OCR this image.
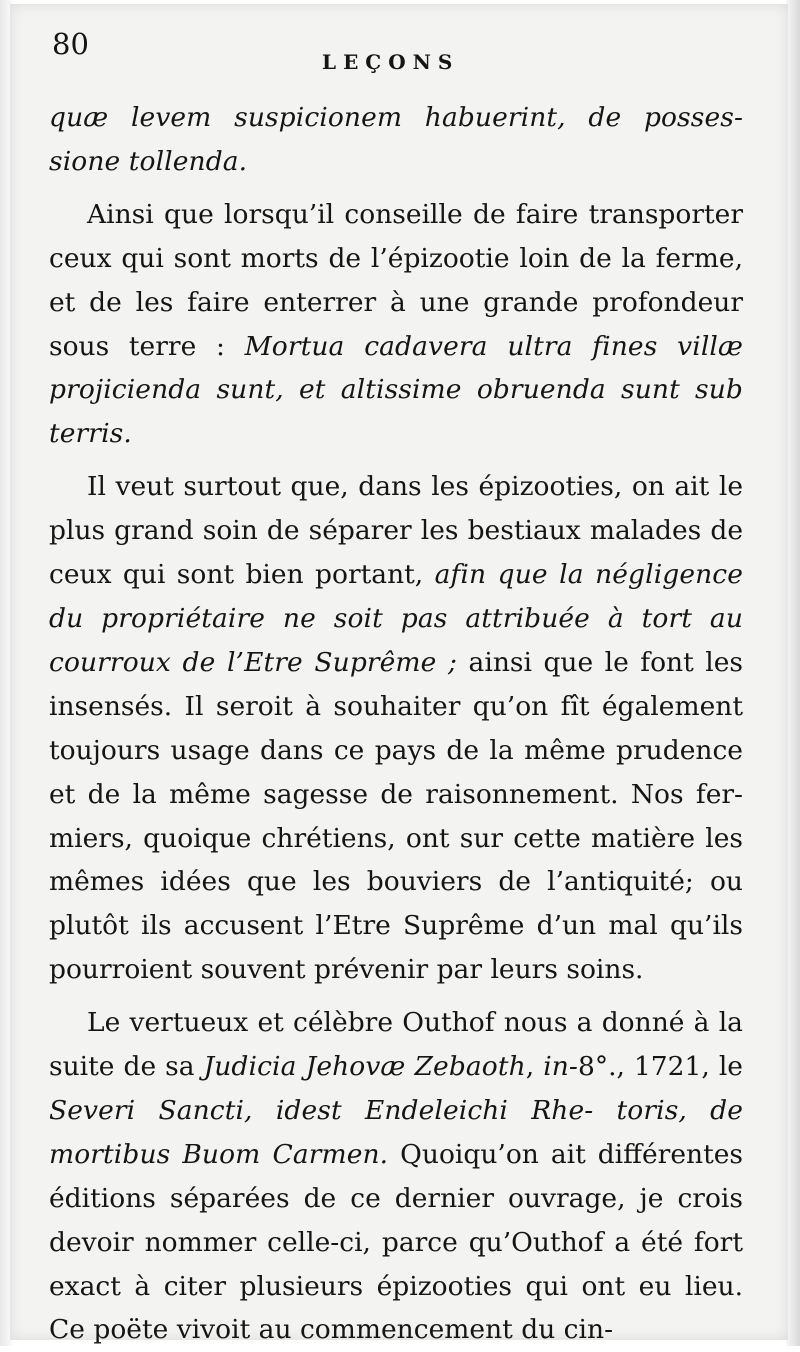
80
LEÇONS

quæ levem suspicionem habuerint, de posses- sione tollenda.

Ainsi que lorsqu’il conseille de faire transporter ceux qui sont morts de l’épizootie loin de la ferme, et de les faire enterrer à une grande profondeur sous terre : Mortua cadavera ultra fines villæ projicienda sunt, et altissime obruenda sunt sub terris.

Il veut surtout que, dans les épizooties, on ait le plus grand soin de séparer les bestiaux malades de ceux qui sont bien portant, afin que la négligence du propriétaire ne soit pas attribuée à tort au courroux de l’Etre Suprême ; ainsi que le font les insensés. Il seroit à souhaiter qu’on fît également toujours usage dans ce pays de la même prudence et de la même sagesse de raisonnement. Nos fer- miers, quoique chrétiens, ont sur cette matière les mêmes idées que les bouviers de l’antiquité; ou plutôt ils accusent l’Etre Suprême d’un mal qu’ils pourroient souvent prévenir par leurs soins.

Le vertueux et célèbre Outhof nous a donné à la suite de sa Judicia Jehovæ Zebaoth, in-8°., 1721, le Severi Sancti, idest Endeleichi Rhe- toris, de mortibus Buom Carmen. Quoiqu’on ait différentes éditions séparées de ce dernier ouvrage, je crois devoir nommer celle-ci, parce qu’Outhof a été fort exact à citer plusieurs épizooties qui ont eu lieu. Ce poëte vivoit au commencement du cin-
